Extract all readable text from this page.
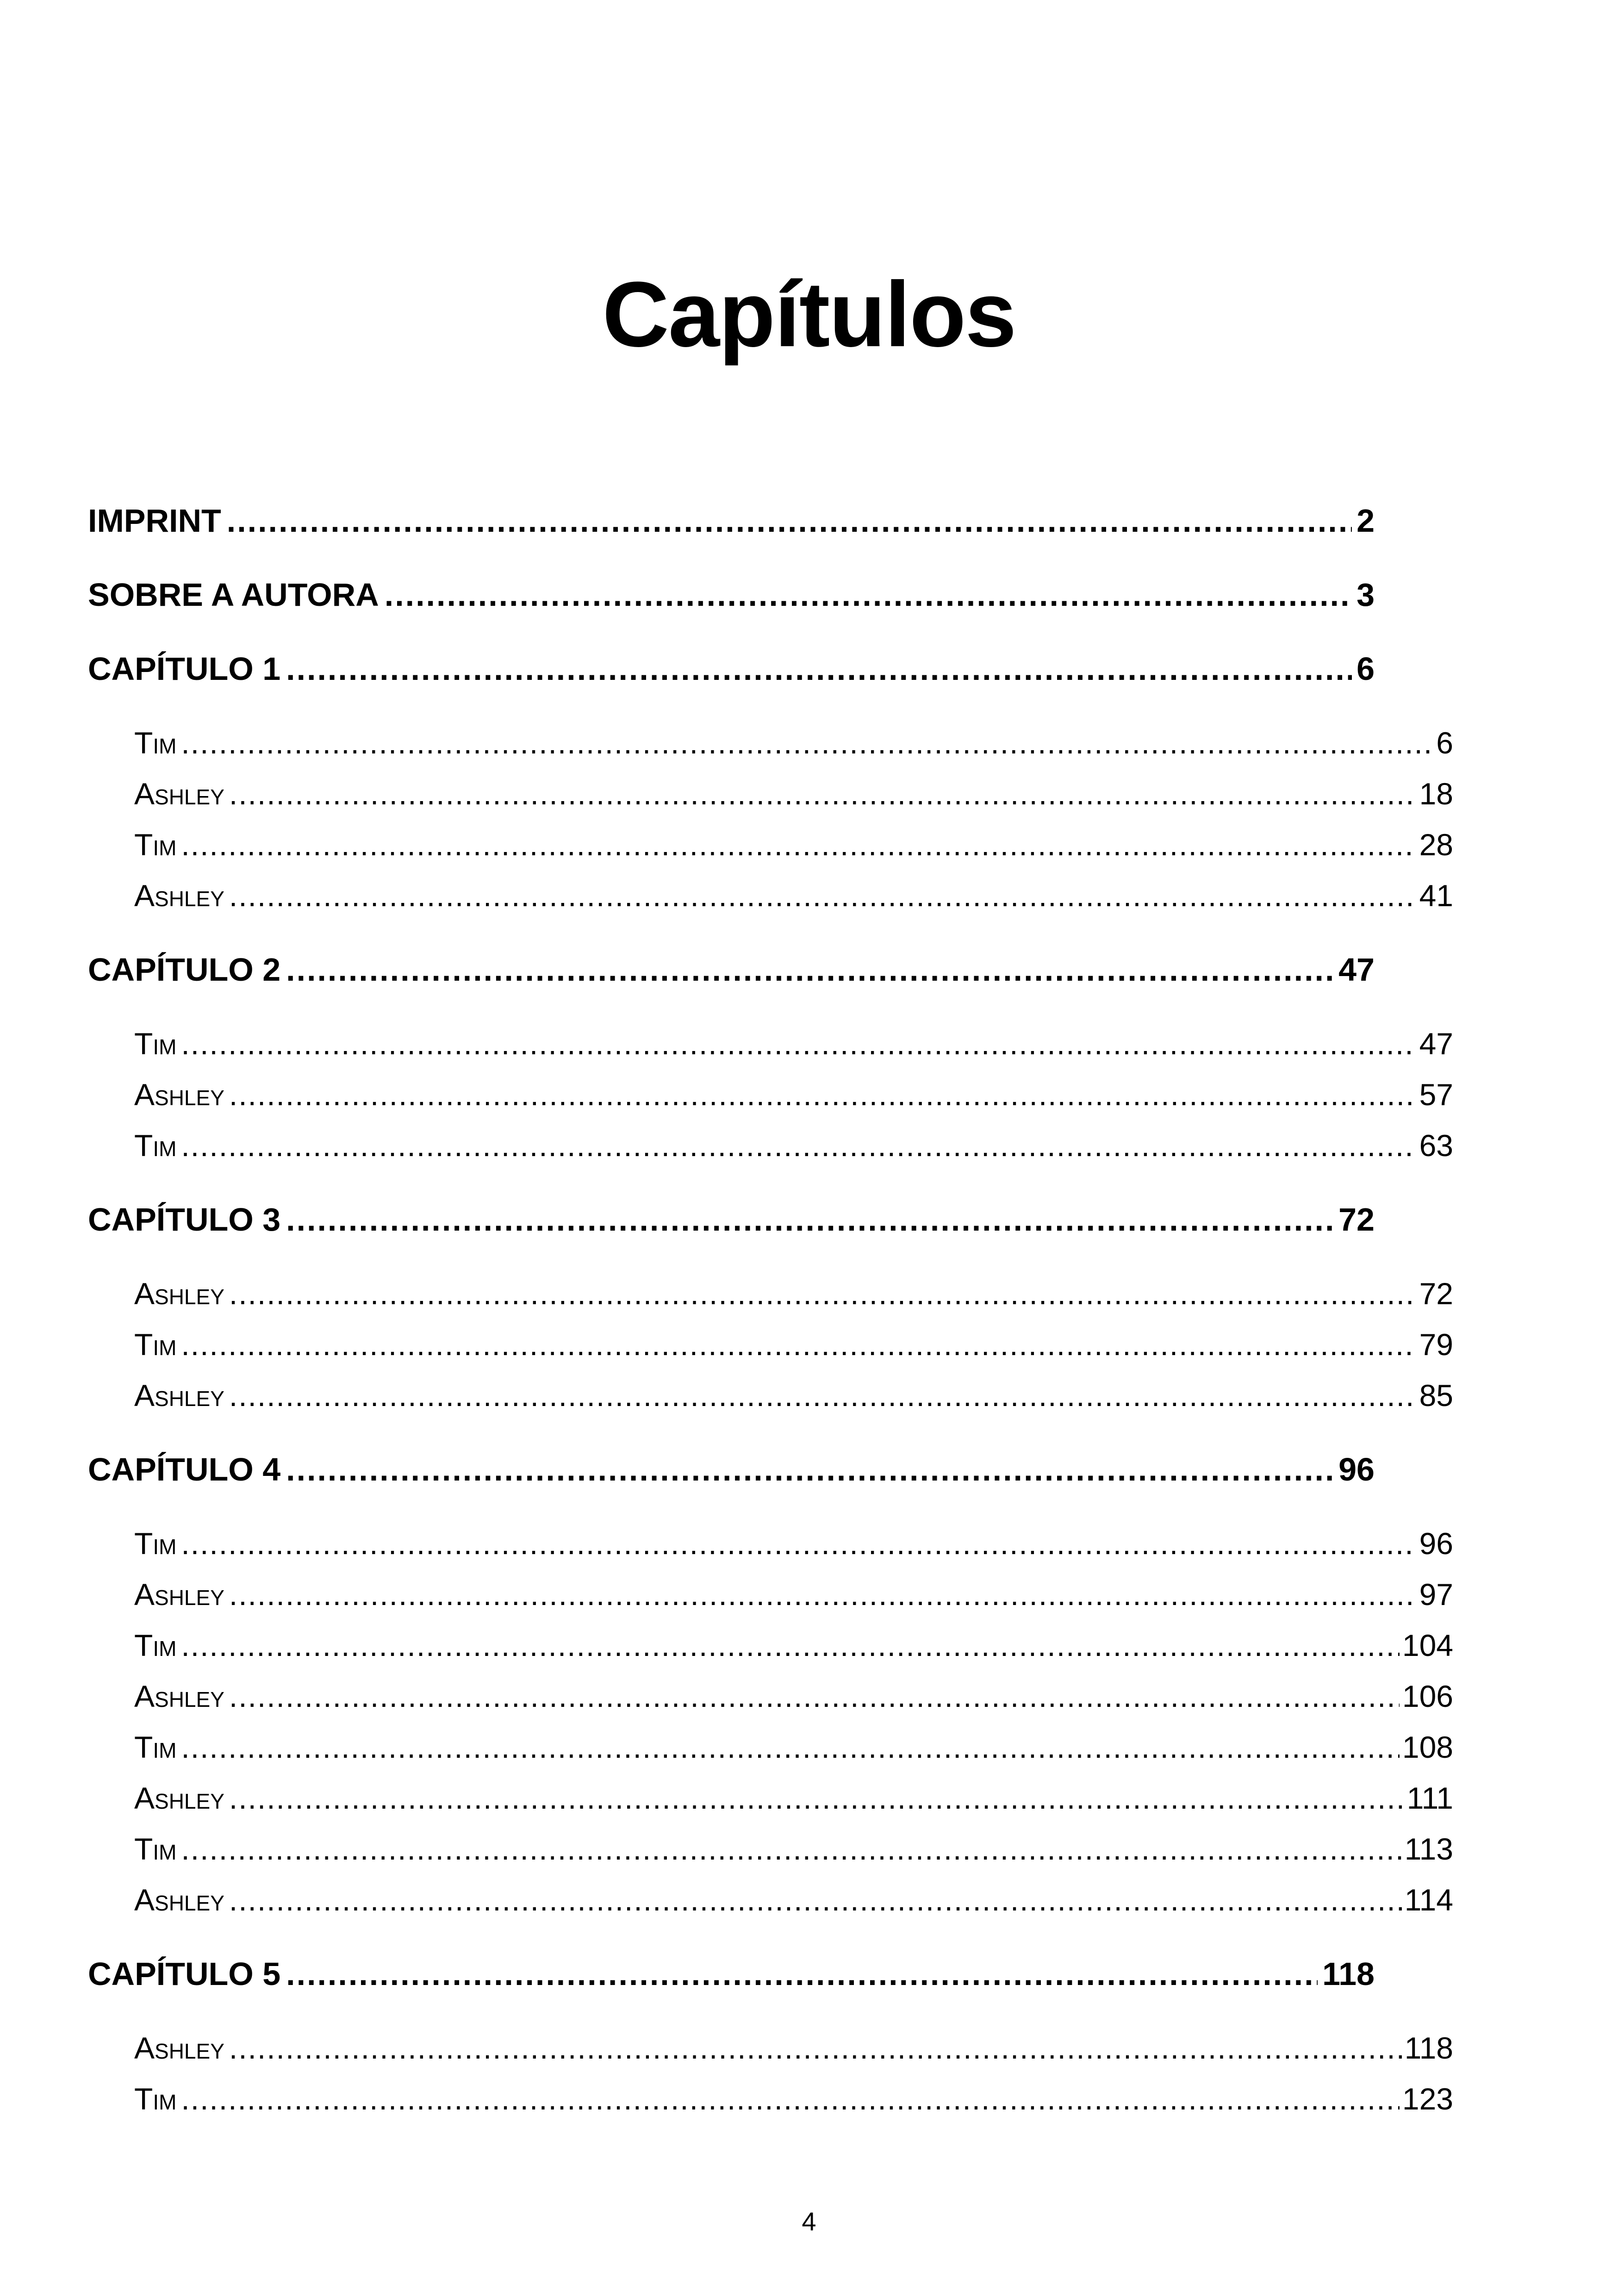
Capítulos
IMPRINT .....	2
SOBRE A AUTORA .....	3
CAPÍTULO 1 .....	6
Tim .....	6
Ashley .....	18
Tim .....	28
Ashley .....	41
CAPÍTULO 2 .....	47
Tim .....	47
Ashley .....	57
Tim .....	63
CAPÍTULO 3 .....	72
Ashley .....	72
Tim .....	79
Ashley .....	85
CAPÍTULO 4 .....	96
Tim .....	96
Ashley .....	97
Tim .....	104
Ashley .....	106
Tim .....	108
Ashley .....	111
Tim .....	113
Ashley .....	114
CAPÍTULO 5 .....	118
Ashley .....	118
Tim .....	123
4
